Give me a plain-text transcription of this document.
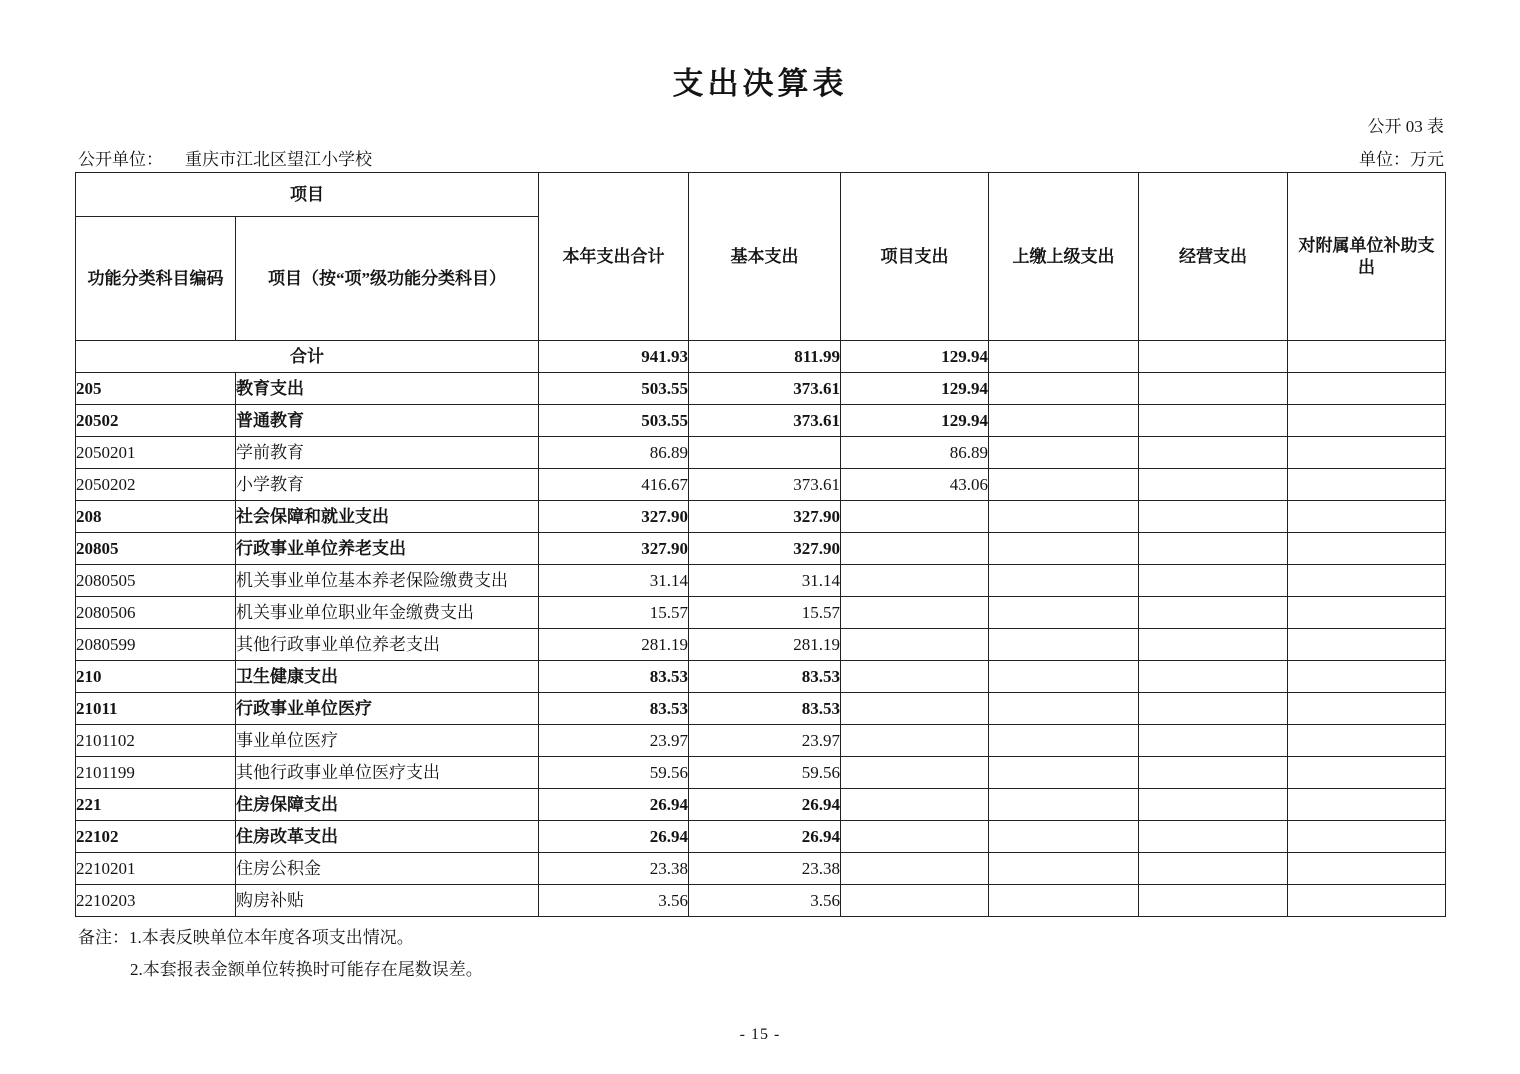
支出决算表
公开 03 表
公开单位： 重庆市江北区望江小学校	单位：万元
项目		本年支出合计	基本支出	项目支出	上缴上级支出	经营支出	对附属单位补助支出
功能分类科目编码	项目（按“项”级功能分类科目）						
合计		941.93	811.99	129.94			
205	教育支出	503.55	373.61	129.94			
20502	普通教育	503.55	373.61	129.94			
2050201	学前教育	86.89		86.89			
2050202	小学教育	416.67	373.61	43.06			
208	社会保障和就业支出	327.90	327.90				
20805	行政事业单位养老支出	327.90	327.90				
2080505	机关事业单位基本养老保险缴费支出	31.14	31.14				
2080506	机关事业单位职业年金缴费支出	15.57	15.57				
2080599	其他行政事业单位养老支出	281.19	281.19				
210	卫生健康支出	83.53	83.53				
21011	行政事业单位医疗	83.53	83.53				
2101102	事业单位医疗	23.97	23.97				
2101199	其他行政事业单位医疗支出	59.56	59.56				
221	住房保障支出	26.94	26.94				
22102	住房改革支出	26.94	26.94				
2210201	住房公积金	23.38	23.38				
2210203	购房补贴	3.56	3.56				
备注：1.本表反映单位本年度各项支出情况。
2.本套报表金额单位转换时可能存在尾数误差。
- 15 -
